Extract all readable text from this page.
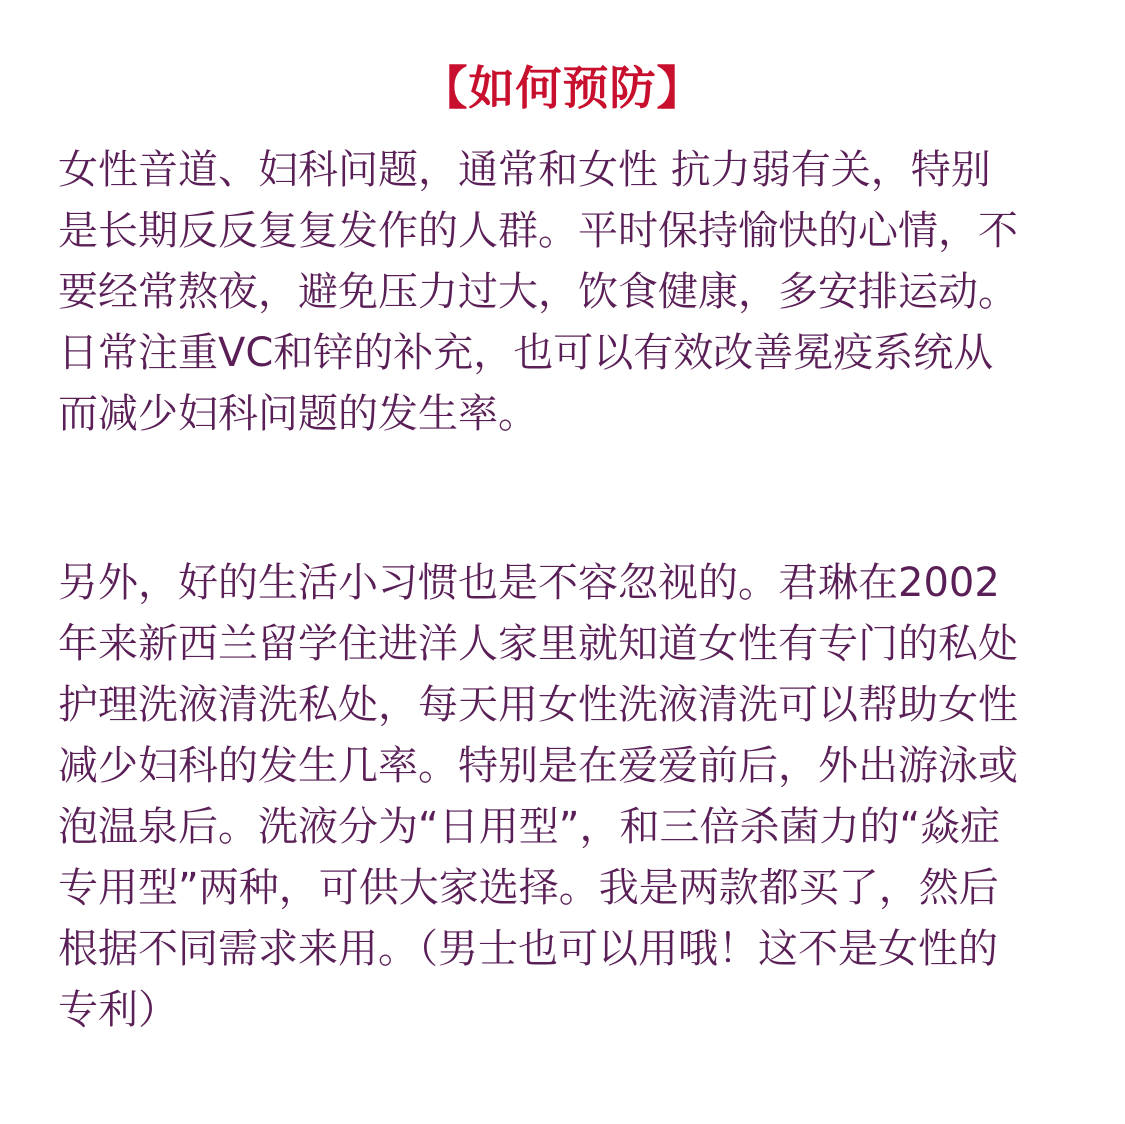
【如何预防】
女性音道、妇科问题，通常和女性 抗力弱有关，特别
是长期反反复复发作的人群。平时保持愉快的心情，不
要经常熬夜，避免压力过大，饮食健康，多安排运动。
日常注重VC和锌的补充，也可以有效改善冕疫系统从
而减少妇科问题的发生率。
另外，好的生活小习惯也是不容忽视的。君琳在2002
年来新西兰留学住进洋人家里就知道女性有专门的私处
护理洗液清洗私处，每天用女性洗液清洗可以帮助女性
减少妇科的发生几率。特别是在爱爱前后，外出游泳或
泡温泉后。洗液分为“日用型”，和三倍杀菌力的“焱症
专用型”两种，可供大家选择。我是两款都买了，然后
根据不同需求来用。（男士也可以用哦！这不是女性的
专利）
